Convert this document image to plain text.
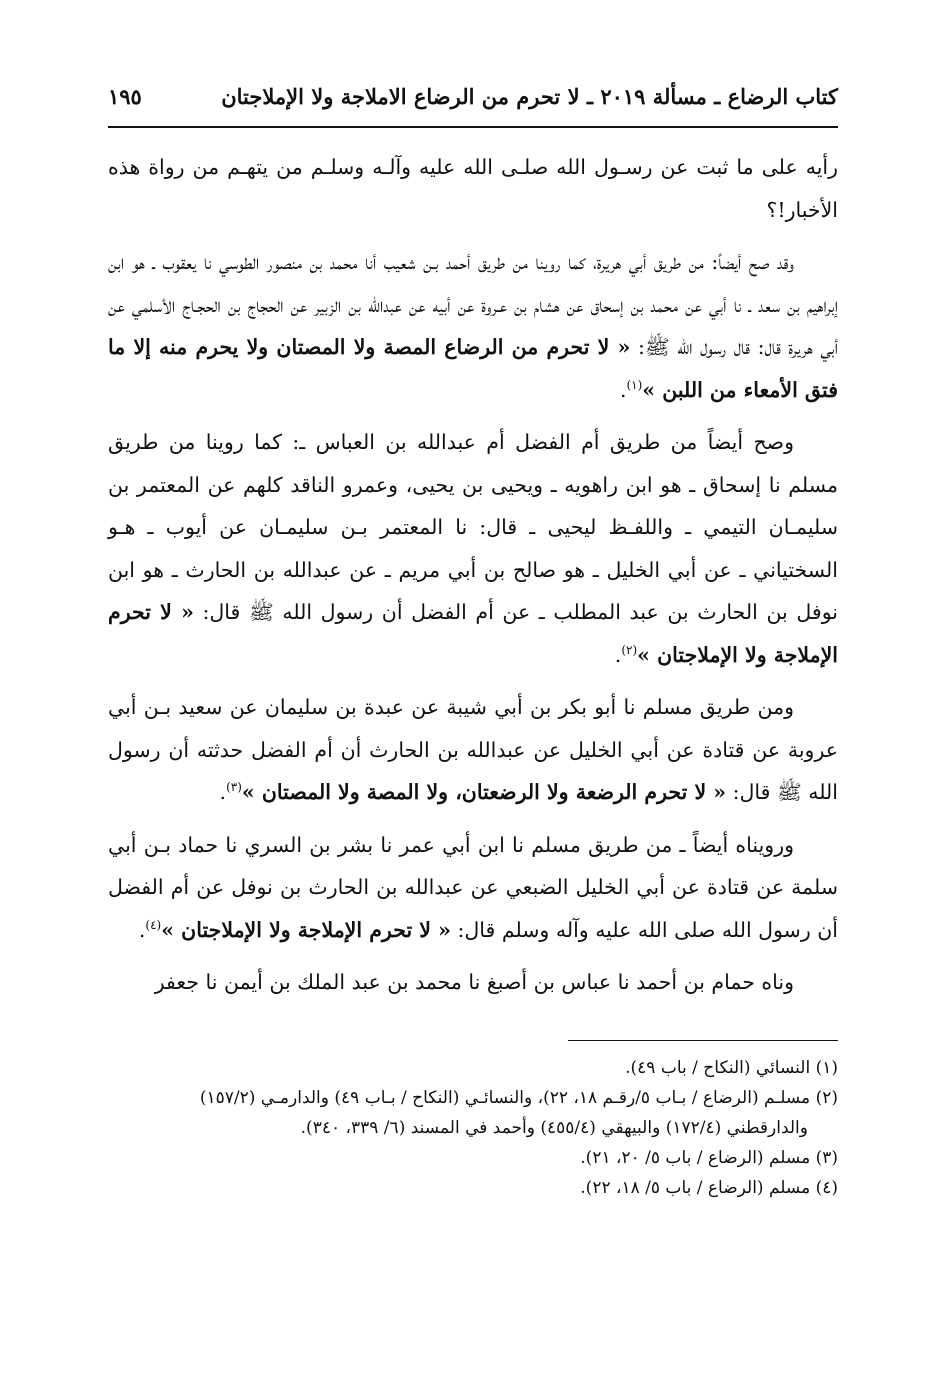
كتاب الرضاع ـ مسألة ٢٠١٩ ـ لا تحرم من الرضاع الاملاجة ولا الإملاجتان
١٩٥

رأيه على ما ثبت عن رسـول الله صلـى الله عليه وآلـه وسلـم من يتهـم من رواة هذه الأخبار!؟

وقد صح أيضاً: من طريق أبي هريرة، كما روينا من طريق أحمد بـن شعيب أنا محمد بن منصور الطوسي نا يعقوب ـ هو ابن إبراهيم بن سعد ـ نا أبي عن محمد بن إسحاق عن هشام بن عـروة عن أبيه عن عبدالله بن الزبير عن الحجاج بن الحجـاج الأسلمي عن أبي هريرة قال: قال رسول الله ﷺ: « لا تحرم من الرضاع المصة ولا المصتان ولا يحرم منه إلا ما فتق الأمعاء من اللبن »$^{(١)}$.

وصح أيضاً من طريق أم الفضل أم عبدالله بن العباس ـ: كما روينا من طريق مسلم نا إسحاق ـ هو ابن راهويه ـ ويحيى بن يحيى، وعمرو الناقد كلهم عن المعتمر بن سليمـان التيمي ـ واللفـظ ليحيى ـ قال: نا المعتمر بـن سليمـان عن أيوب ـ هـو السختياني ـ عن أبي الخليل ـ هو صالح بن أبي مريم ـ عن عبدالله بن الحارث ـ هو ابن نوفل بن الحارث بن عبد المطلب ـ عن أم الفضل أن رسول الله ﷺ قال: « لا تحرم الإملاجة ولا الإملاجتان »$^{(٢)}$.

ومن طريق مسلم نا أبو بكر بن أبي شيبة عن عبدة بن سليمان عن سعيد بـن أبي عروبة عن قتادة عن أبي الخليل عن عبدالله بن الحارث أن أم الفضل حدثته أن رسول الله ﷺ قال: « لا تحرم الرضعة ولا الرضعتان، ولا المصة ولا المصتان »$^{(٣)}$.

ورويناه أيضاً ـ من طريق مسلم نا ابن أبي عمر نا بشر بن السري نا حماد بـن أبي سلمة عن قتادة عن أبي الخليل الضبعي عن عبدالله بن الحارث بن نوفل عن أم الفضل أن رسول الله صلى الله عليه وآله وسلم قال: « لا تحرم الإملاجة ولا الإملاجتان »$^{(٤)}$.

وناه حمام بن أحمد نا عباس بن أصبغ نا محمد بن عبد الملك بن أيمن نا جعفر

(١) النسائي (النكاح / باب ٤٩).

(٢) مسلـم (الرضاع / بـاب ٥/رقـم ١٨، ٢٢)، والنسائـي (النكاح / بـاب ٤٩) والدارمـي (١٥٧/٢)

والدارقطني (١٧٢/٤) والبيهقي (٤٥٥/٤) وأحمد في المسند (٦/ ٣٣٩، ٣٤٠).

(٣) مسلم (الرضاع / باب ٥/ ٢٠، ٢١).

(٤) مسلم (الرضاع / باب ٥/ ١٨، ٢٢).
